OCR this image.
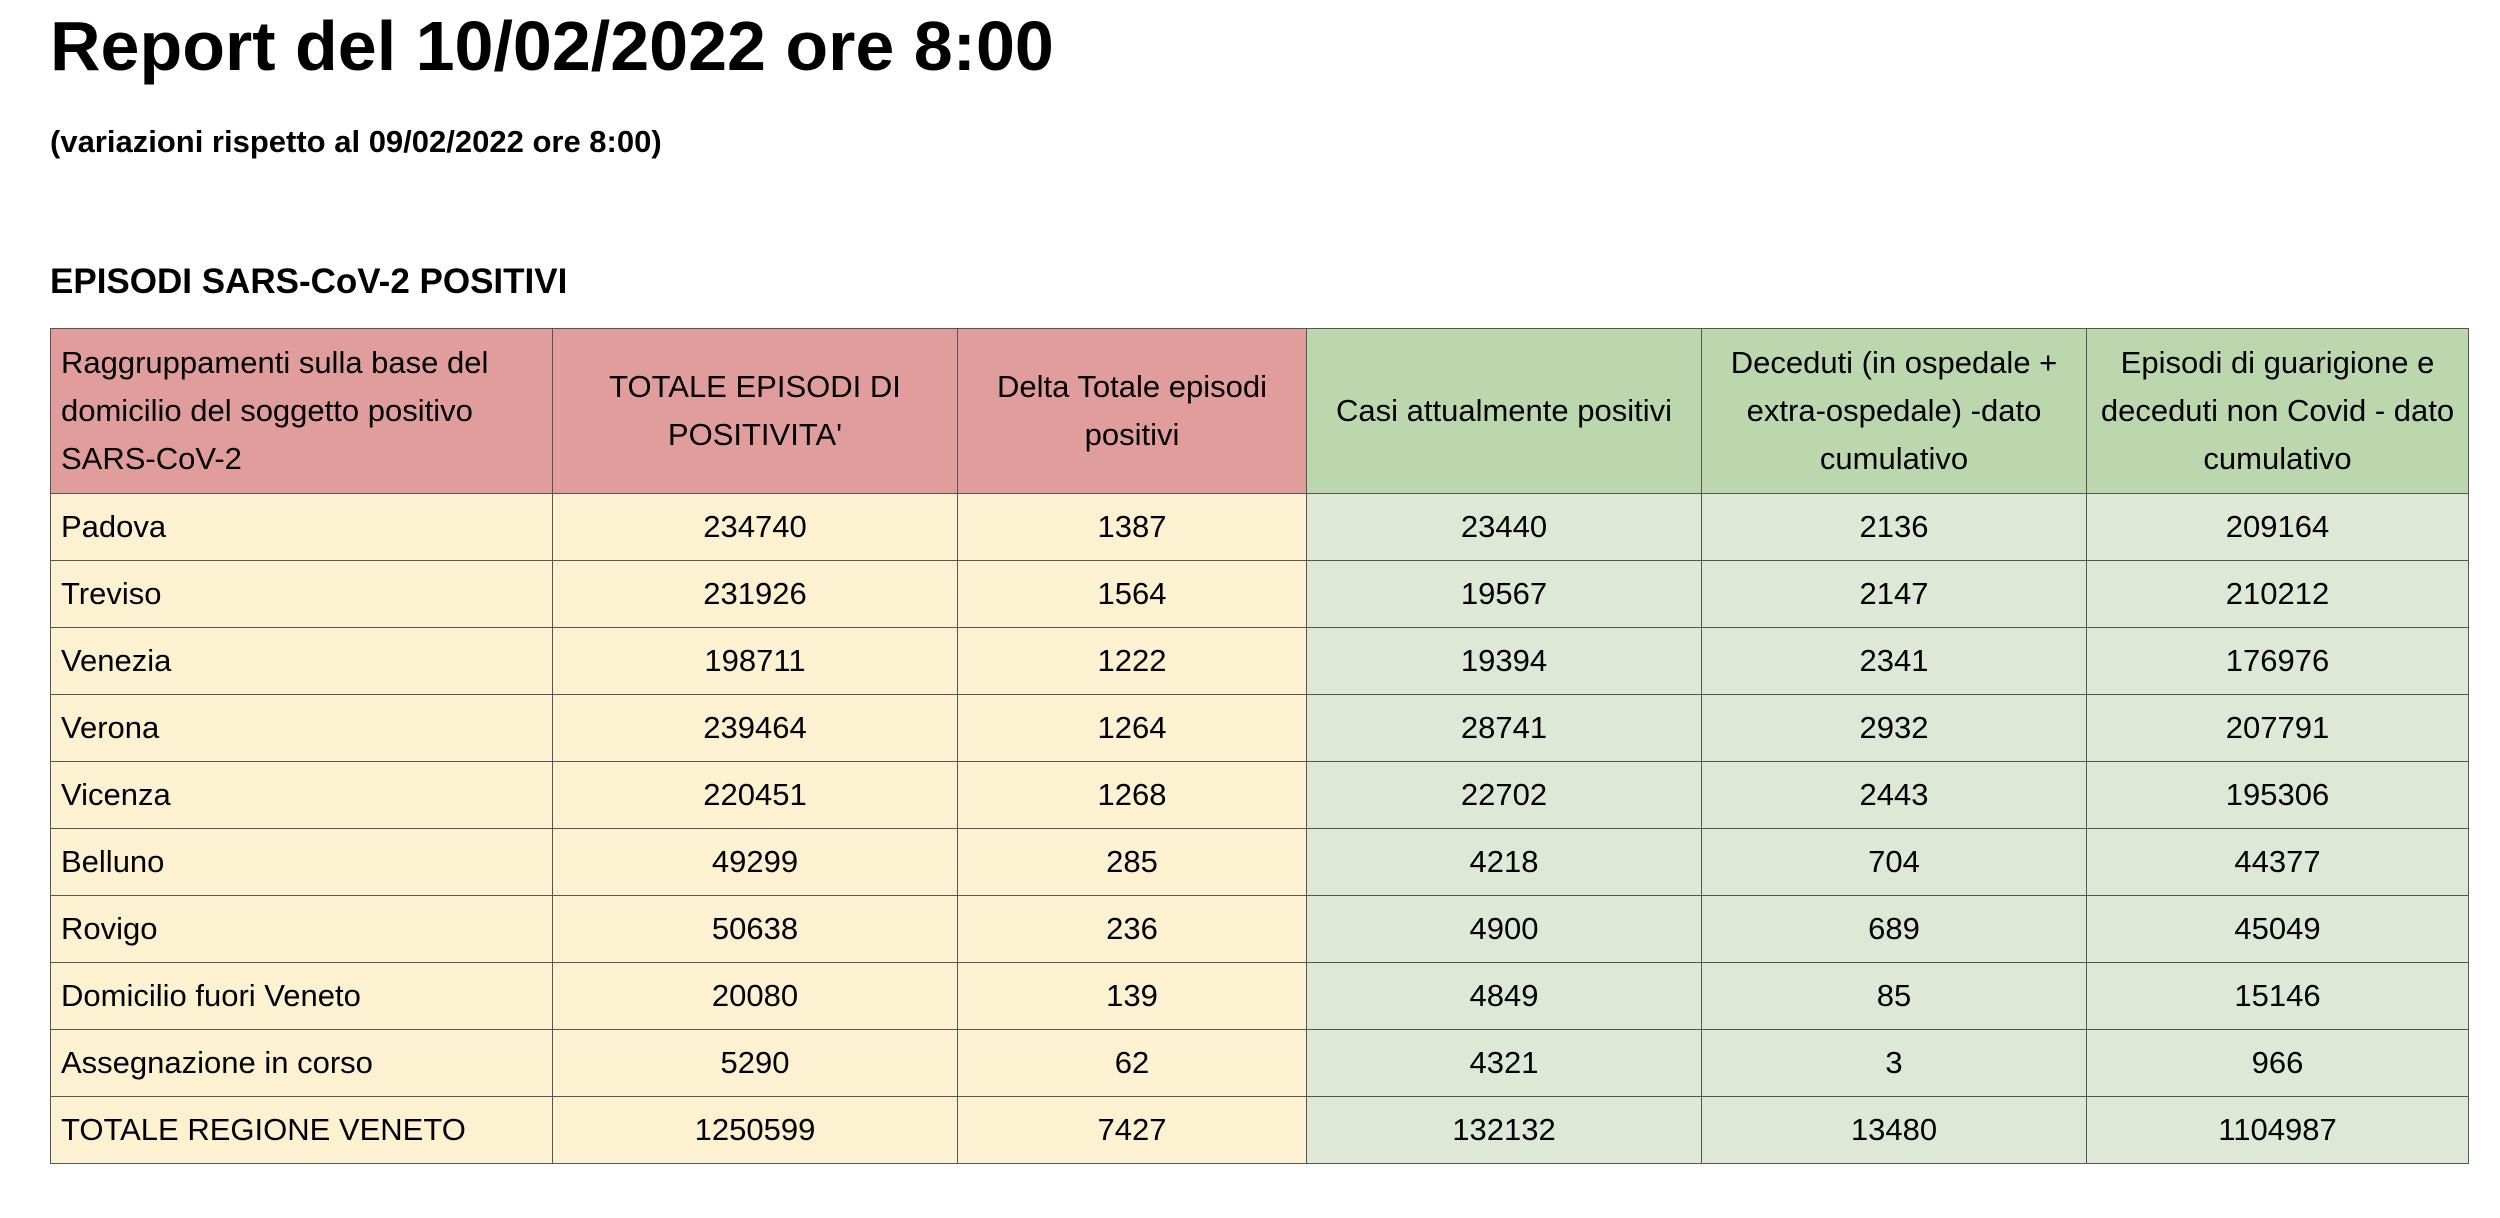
Report del 10/02/2022 ore 8:00

(variazioni rispetto al 09/02/2022 ore 8:00)

EPISODI SARS-CoV-2 POSITIVI
Raggruppamenti sulla base del domicilio del soggetto positivo SARS-CoV-2	TOTALE EPISODI DI POSITIVITA'	Delta Totale episodi positivi	Casi attualmente positivi	Deceduti (in ospedale + extra-ospedale) -dato cumulativo	Episodi di guarigione e deceduti non Covid - dato cumulativo
Padova	234740	1387	23440	2136	209164
Treviso	231926	1564	19567	2147	210212
Venezia	198711	1222	19394	2341	176976
Verona	239464	1264	28741	2932	207791
Vicenza	220451	1268	22702	2443	195306
Belluno	49299	285	4218	704	44377
Rovigo	50638	236	4900	689	45049
Domicilio fuori Veneto	20080	139	4849	85	15146
Assegnazione in corso	5290	62	4321	3	966
TOTALE REGIONE VENETO	1250599	7427	132132	13480	1104987
